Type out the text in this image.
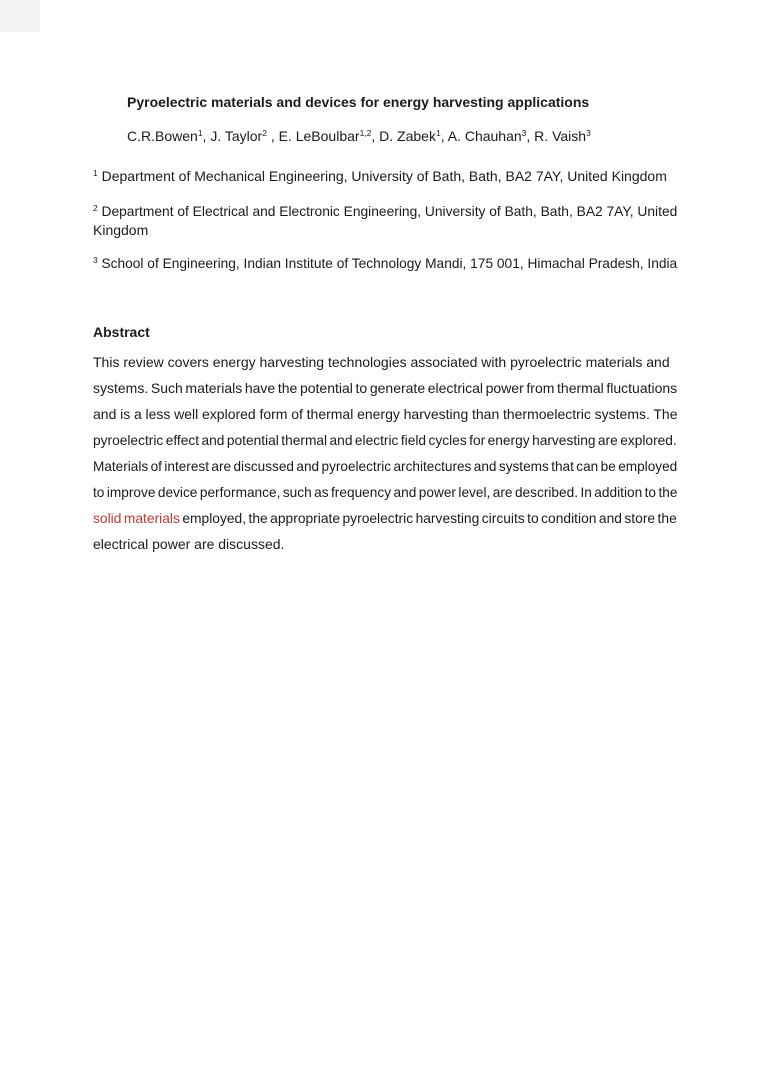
Pyroelectric materials and devices for energy harvesting applications
C.R.Bowen$^1$, J. Taylor$^2$ , E. LeBoulbar$^{1,2}$, D. Zabek$^1$, A. Chauhan$^3$, R. Vaish$^3$
$^1$ Department of Mechanical Engineering, University of Bath, Bath, BA2 7AY, United Kingdom
$^2$ Department of Electrical and Electronic Engineering, University of Bath, Bath, BA2 7AY, United
Kingdom
$^3$ School of Engineering, Indian Institute of Technology Mandi, 175 001, Himachal Pradesh, India
Abstract
This review covers energy harvesting technologies associated with pyroelectric materials and
systems. Such materials have the potential to generate electrical power from thermal fluctuations
and is a less well explored form of thermal energy harvesting than thermoelectric systems. The
pyroelectric effect and potential thermal and electric field cycles for energy harvesting are explored.
Materials of interest are discussed and pyroelectric architectures and systems that can be employed
to improve device performance, such as frequency and power level, are described. In addition to the
solid materials employed, the appropriate pyroelectric harvesting circuits to condition and store the
electrical power are discussed.
